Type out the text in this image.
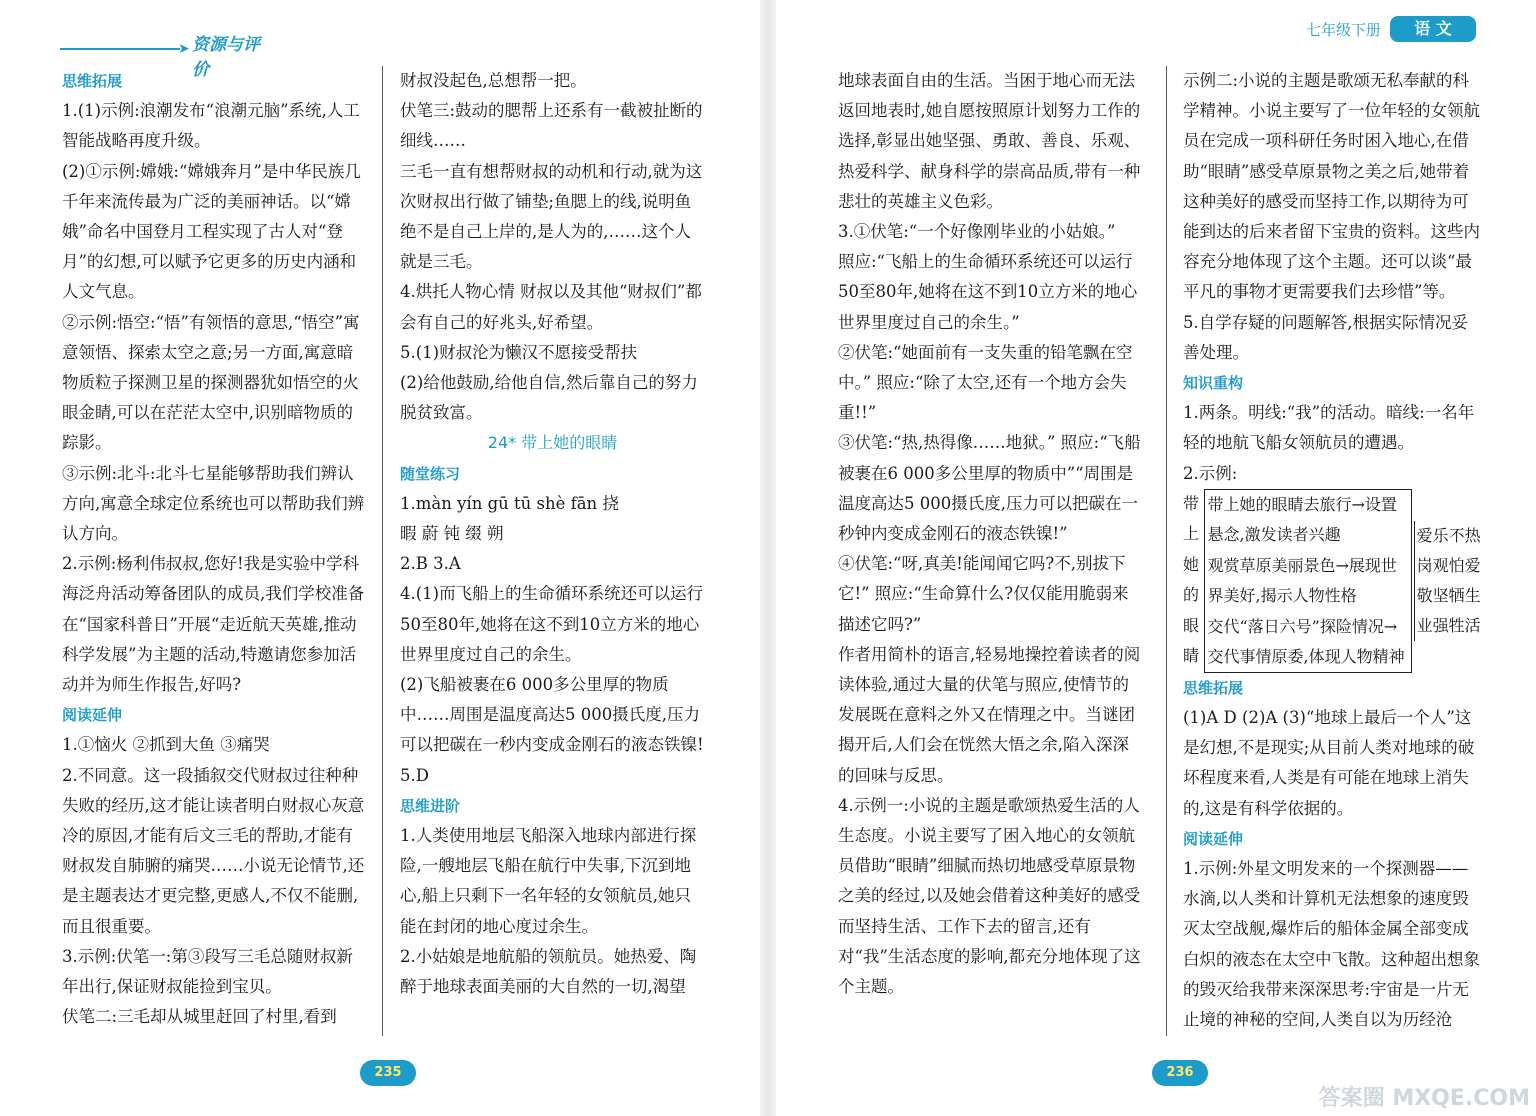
➤ 资源与评价

思维拓展

1.(1)示例:浪潮发布“浪潮元脑”系统,人工智能战略再度升级。

(2)①示例:嫦娥:“嫦娥奔月”是中华民族几千年来流传最为广泛的美丽神话。以“嫦娥”命名中国登月工程实现了古人对“登月”的幻想,可以赋予它更多的历史内涵和人文气息。

②示例:悟空:“悟”有领悟的意思,“悟空”寓意领悟、探索太空之意;另一方面,寓意暗物质粒子探测卫星的探测器犹如悟空的火眼金睛,可以在茫茫太空中,识别暗物质的踪影。

③示例:北斗:北斗七星能够帮助我们辨认方向,寓意全球定位系统也可以帮助我们辨认方向。

2.示例:杨利伟叔叔,您好!我是实验中学科海泛舟活动筹备团队的成员,我们学校准备在“国家科普日”开展“走近航天英雄,推动科学发展”为主题的活动,特邀请您参加活动并为师生作报告,好吗?

阅读延伸

1.①恼火 ②抓到大鱼 ③痛哭

2.不同意。这一段插叙交代财叔过往种种失败的经历,这才能让读者明白财叔心灰意冷的原因,才能有后文三毛的帮助,才能有财叔发自肺腑的痛哭……小说无论情节,还是主题表达才更完整,更感人,不仅不能删,而且很重要。

3.示例:伏笔一:第③段写三毛总随财叔新年出行,保证财叔能捡到宝贝。

伏笔二:三毛却从城里赶回了村里,看到

财叔没起色,总想帮一把。

伏笔三:鼓动的腮帮上还系有一截被扯断的细线……

三毛一直有想帮财叔的动机和行动,就为这次财叔出行做了铺垫;鱼腮上的线,说明鱼绝不是自己上岸的,是人为的,……这个人就是三毛。

4.烘托人物心情 财叔以及其他“财叔们”都会有自己的好兆头,好希望。

5.(1)财叔沦为懒汉不愿接受帮扶

(2)给他鼓励,给他自信,然后靠自己的努力脱贫致富。

24* 带上她的眼睛

随堂练习

1.màn yín gū tū shè fān 挠

暇 蔚 钝 缀 朔

2.B 3.A

4.(1)而飞船上的生命循环系统还可以运行50至80年,她将在这不到10立方米的地心世界里度过自己的余生。

(2)飞船被裹在6 000多公里厚的物质中……周围是温度高达5 000摄氏度,压力可以把碳在一秒内变成金刚石的液态铁镍!

5.D

思维进阶

1.人类使用地层飞船深入地球内部进行探险,一艘地层飞船在航行中失事,下沉到地心,船上只剩下一名年轻的女领航员,她只能在封闭的地心度过余生。

2.小姑娘是地航船的领航员。她热爱、陶醉于地球表面美丽的大自然的一切,渴望

235
七年级下册	语 文

地球表面自由的生活。当困于地心而无法返回地表时,她自愿按照原计划努力工作的选择,彰显出她坚强、勇敢、善良、乐观、热爱科学、献身科学的崇高品质,带有一种悲壮的英雄主义色彩。

3.①伏笔:“一个好像刚毕业的小姑娘。”

照应:“飞船上的生命循环系统还可以运行50至80年,她将在这不到10立方米的地心世界里度过自己的余生。”

②伏笔:“她面前有一支失重的铅笔飘在空中。” 照应:“除了太空,还有一个地方会失重!!”

③伏笔:“热,热得像……地狱。” 照应:“飞船被裹在6 000多公里厚的物质中”“周围是温度高达5 000摄氏度,压力可以把碳在一秒钟内变成金刚石的液态铁镍!”

④伏笔:“呀,真美!能闻闻它吗?不,别拔下它!” 照应:“生命算什么?仅仅能用脆弱来描述它吗?”

作者用简朴的语言,轻易地操控着读者的阅读体验,通过大量的伏笔与照应,使情节的发展既在意料之外又在情理之中。当谜团揭开后,人们会在恍然大悟之余,陷入深深的回味与反思。

4.示例一:小说的主题是歌颂热爱生活的人生态度。小说主要写了困入地心的女领航员借助“眼睛”细腻而热切地感受草原景物之美的经过,以及她会借着这种美好的感受而坚持生活、工作下去的留言,还有对“我”生活态度的影响,都充分地体现了这个主题。

示例二:小说的主题是歌颂无私奉献的科学精神。小说主要写了一位年轻的女领航员在完成一项科研任务时困入地心,在借助“眼睛”感受草原景物之美之后,她带着这种美好的感受而坚持工作,以期待为可能到达的后来者留下宝贵的资料。这些内容充分地体现了这个主题。还可以谈“最平凡的事物才更需要我们去珍惜”等。

5.自学存疑的问题解答,根据实际情况妥善处理。

知识重构

1.两条。明线:“我”的活动。暗线:一名年轻的地航飞船女领航员的遭遇。

2.示例:

带
上
她
的
眼
睛
带上她的眼睛去旅行→设置悬念,激发读者兴趣
观赏草原美丽景色→展现世界美好,揭示人物性格
交代“落日六号”探险情况→交代事情原委,体现人物精神
爱乐不热岗观怕爱敬坚牺生业强牲活

思维拓展

(1)A D (2)A (3)“地球上最后一个人”这是幻想,不是现实;从目前人类对地球的破坏程度来看,人类是有可能在地球上消失的,这是有科学依据的。

阅读延伸

1.示例:外星文明发来的一个探测器——水滴,以人类和计算机无法想象的速度毁灭太空战舰,爆炸后的船体金属全部变成白炽的液态在太空中飞散。这种超出想象的毁灭给我带来深深思考:宇宙是一片无止境的神秘的空间,人类自以为历经沧

236
答案圈 MXQE.COM
